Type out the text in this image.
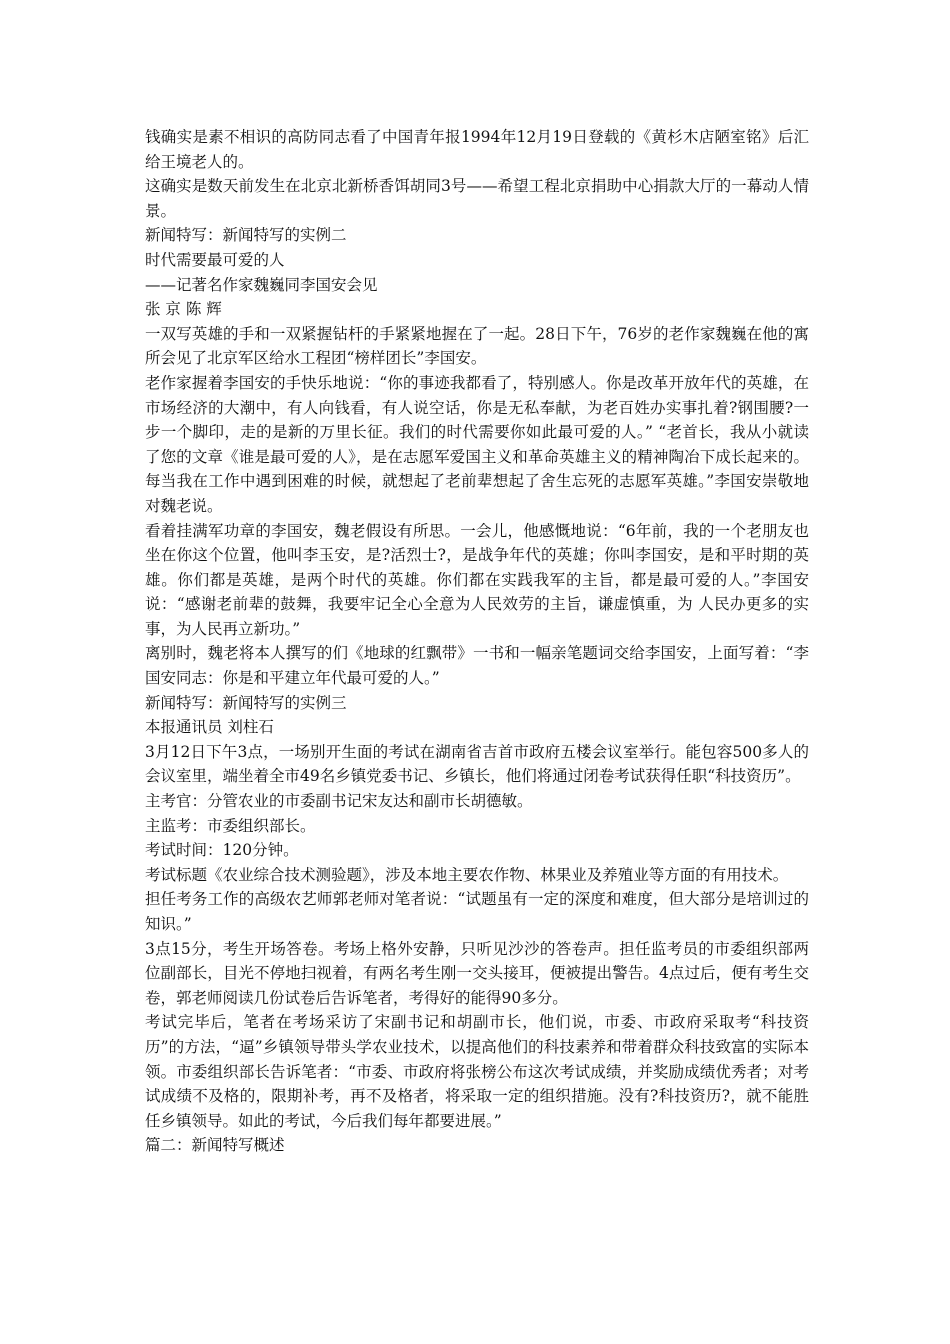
钱确实是素不相识的高防同志看了中国青年报1994年12月19日登载的《黄杉木店陋室铭》后汇给王境老人的。

这确实是数天前发生在北京北新桥香饵胡同3号——希望工程北京捐助中心捐款大厅的一幕动人情景。

新闻特写：新闻特写的实例二

时代需要最可爱的人

——记著名作家魏巍同李国安会见

张 京 陈 辉

一双写英雄的手和一双紧握钻杆的手紧紧地握在了一起。28日下午，76岁的老作家魏巍在他的寓所会见了北京军区给水工程团“榜样团长”李国安。

老作家握着李国安的手快乐地说：“你的事迹我都看了，特别感人。你是改革开放年代的英雄，在市场经济的大潮中，有人向钱看，有人说空话，你是无私奉献，为老百姓办实事扎着?钢围腰?一步一个脚印，走的是新的万里长征。我们的时代需要你如此最可爱的人。” “老首长，我从小就读了您的文章《谁是最可爱的人》，是在志愿军爱国主义和革命英雄主义的精神陶冶下成长起来的。每当我在工作中遇到困难的时候，就想起了老前辈想起了舍生忘死的志愿军英雄。”李国安崇敬地对魏老说。

看着挂满军功章的李国安，魏老假设有所思。一会儿，他感慨地说：“6年前，我的一个老朋友也坐在你这个位置，他叫李玉安，是?活烈士?，是战争年代的英雄；你叫李国安，是和平时期的英雄。你们都是英雄，是两个时代的英雄。你们都在实践我军的主旨，都是最可爱的人。”李国安说：“感谢老前辈的鼓舞，我要牢记全心全意为人民效劳的主旨，谦虚慎重，为 人民办更多的实事，为人民再立新功。”

离别时，魏老将本人撰写的们《地球的红飘带》一书和一幅亲笔题词交给李国安，上面写着：“李国安同志：你是和平建立年代最可爱的人。”

新闻特写：新闻特写的实例三

本报通讯员 刘柱石

3月12日下午3点，一场别开生面的考试在湖南省吉首市政府五楼会议室举行。能包容500多人的会议室里，端坐着全市49名乡镇党委书记、乡镇长，他们将通过闭卷考试获得任职“科技资历”。

主考官：分管农业的市委副书记宋友达和副市长胡德敏。

主监考：市委组织部长。

考试时间：120分钟。

考试标题《农业综合技术测验题》，涉及本地主要农作物、林果业及养殖业等方面的有用技术。

担任考务工作的高级农艺师郭老师对笔者说：“试题虽有一定的深度和难度，但大部分是培训过的知识。”

3点15分，考生开场答卷。考场上格外安静，只听见沙沙的答卷声。担任监考员的市委组织部两位副部长，目光不停地扫视着，有两名考生刚一交头接耳，便被提出警告。4点过后，便有考生交卷，郭老师阅读几份试卷后告诉笔者，考得好的能得90多分。

考试完毕后，笔者在考场采访了宋副书记和胡副市长，他们说，市委、市政府采取考“科技资历”的方法，“逼”乡镇领导带头学农业技术，以提高他们的科技素养和带着群众科技致富的实际本领。市委组织部长告诉笔者：“市委、市政府将张榜公布这次考试成绩，并奖励成绩优秀者；对考试成绩不及格的，限期补考，再不及格者，将采取一定的组织措施。没有?科技资历?，就不能胜任乡镇领导。如此的考试，今后我们每年都要进展。”

篇二：新闻特写概述
